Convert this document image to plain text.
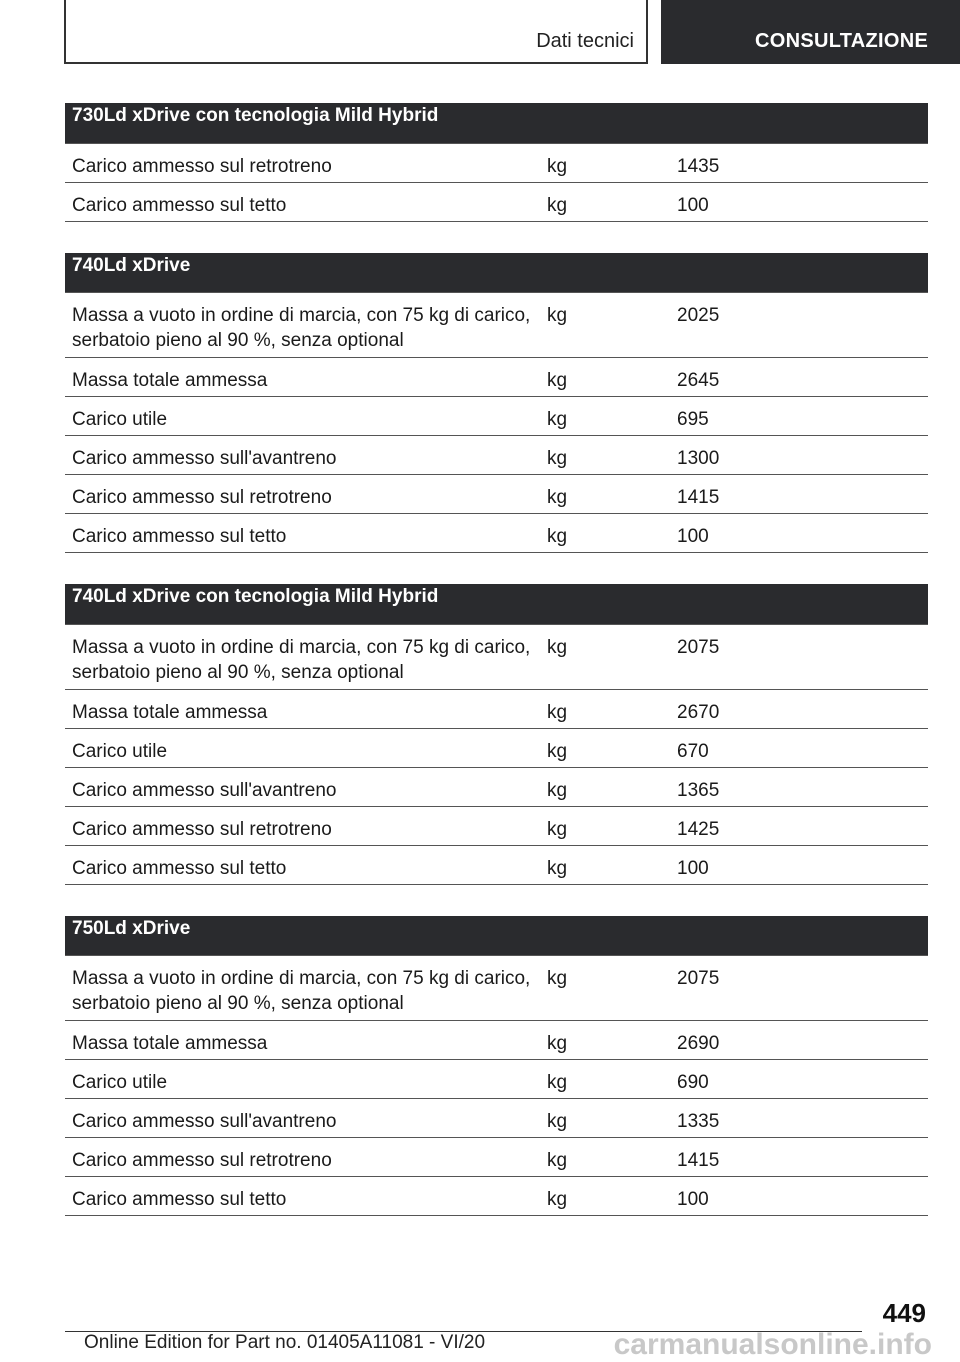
Dati tecnici	CONSULTAZIONE
730Ld xDrive con tecnologia Mild Hybrid		
Carico ammesso sul retrotreno	kg	1435
Carico ammesso sul tetto	kg	100
740Ld xDrive		
Massa a vuoto in ordine di marcia, con 75 kg di carico, serbatoio pieno al 90 %, senza optional	kg	2025
Massa totale ammessa	kg	2645
Carico utile	kg	695
Carico ammesso sull'avantreno	kg	1300
Carico ammesso sul retrotreno	kg	1415
Carico ammesso sul tetto	kg	100
740Ld xDrive con tecnologia Mild Hybrid		
Massa a vuoto in ordine di marcia, con 75 kg di carico, serbatoio pieno al 90 %, senza optional	kg	2075
Massa totale ammessa	kg	2670
Carico utile	kg	670
Carico ammesso sull'avantreno	kg	1365
Carico ammesso sul retrotreno	kg	1425
Carico ammesso sul tetto	kg	100
750Ld xDrive		
Massa a vuoto in ordine di marcia, con 75 kg di carico, serbatoio pieno al 90 %, senza optional	kg	2075
Massa totale ammessa	kg	2690
Carico utile	kg	690
Carico ammesso sull'avantreno	kg	1335
Carico ammesso sul retrotreno	kg	1415
Carico ammesso sul tetto	kg	100
449
Online Edition for Part no. 01405A11081 - VI/20	carmanualsonline.info
